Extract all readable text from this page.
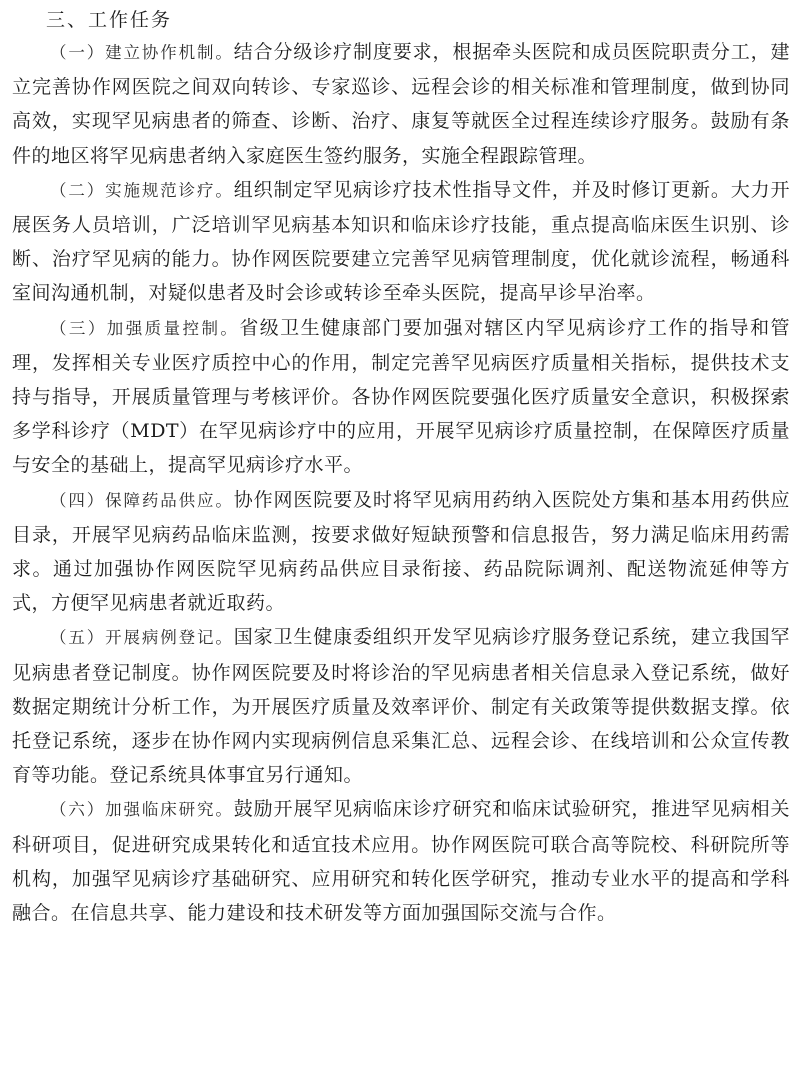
三、工作任务

（一）建立协作机制。结合分级诊疗制度要求，根据牵头医院和成员医院职责分工，建立完善协作网医院之间双向转诊、专家巡诊、远程会诊的相关标准和管理制度，做到协同高效，实现罕见病患者的筛查、诊断、治疗、康复等就医全过程连续诊疗服务。鼓励有条件的地区将罕见病患者纳入家庭医生签约服务，实施全程跟踪管理。

（二）实施规范诊疗。组织制定罕见病诊疗技术性指导文件，并及时修订更新。大力开展医务人员培训，广泛培训罕见病基本知识和临床诊疗技能，重点提高临床医生识别、诊断、治疗罕见病的能力。协作网医院要建立完善罕见病管理制度，优化就诊流程，畅通科室间沟通机制，对疑似患者及时会诊或转诊至牵头医院，提高早诊早治率。

（三）加强质量控制。省级卫生健康部门要加强对辖区内罕见病诊疗工作的指导和管理，发挥相关专业医疗质控中心的作用，制定完善罕见病医疗质量相关指标，提供技术支持与指导，开展质量管理与考核评价。各协作网医院要强化医疗质量安全意识，积极探索多学科诊疗（MDT）在罕见病诊疗中的应用，开展罕见病诊疗质量控制，在保障医疗质量与安全的基础上，提高罕见病诊疗水平。

（四）保障药品供应。协作网医院要及时将罕见病用药纳入医院处方集和基本用药供应目录，开展罕见病药品临床监测，按要求做好短缺预警和信息报告，努力满足临床用药需求。通过加强协作网医院罕见病药品供应目录衔接、药品院际调剂、配送物流延伸等方式，方便罕见病患者就近取药。

（五）开展病例登记。国家卫生健康委组织开发罕见病诊疗服务登记系统，建立我国罕见病患者登记制度。协作网医院要及时将诊治的罕见病患者相关信息录入登记系统，做好数据定期统计分析工作，为开展医疗质量及效率评价、制定有关政策等提供数据支撑。依托登记系统，逐步在协作网内实现病例信息采集汇总、远程会诊、在线培训和公众宣传教育等功能。登记系统具体事宜另行通知。

（六）加强临床研究。鼓励开展罕见病临床诊疗研究和临床试验研究，推进罕见病相关科研项目，促进研究成果转化和适宜技术应用。协作网医院可联合高等院校、科研院所等机构，加强罕见病诊疗基础研究、应用研究和转化医学研究，推动专业水平的提高和学科融合。在信息共享、能力建设和技术研发等方面加强国际交流与合作。
